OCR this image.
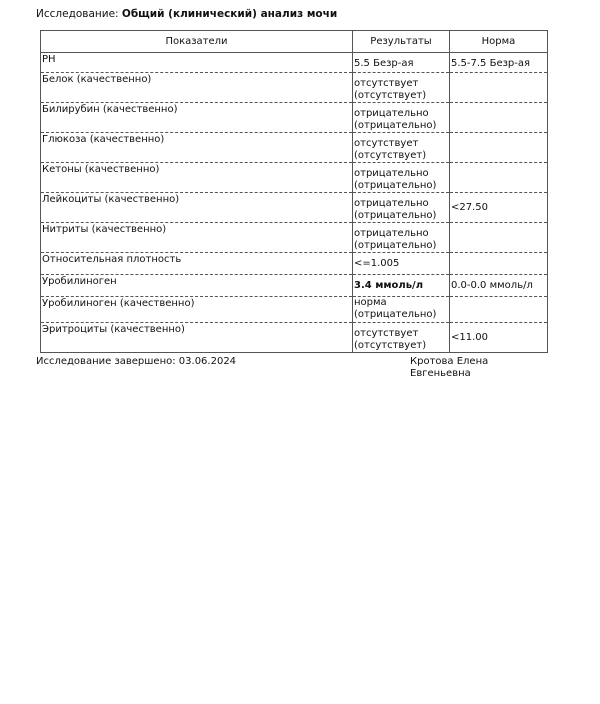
Исследование: Общий (клинический) анализ мочи
Показатели	Результаты	Норма
PH	5.5 Безр-ая	5.5-7.5 Безр-ая
Белок (качественно)	отсутствует
(отсутствует)	

Билирубин (качественно)	отрицательно
(отрицательно)	

Глюкоза (качественно)	отсутствует
(отсутствует)	

Кетоны (качественно)	отрицательно
(отрицательно)	

Лейкоциты (качественно)	отрицательно
(отрицательно)	<27.50
Нитриты (качественно)	отрицательно
(отрицательно)	

Относительная плотность	<=1.005	

Уробилиноген	3.4 ммоль/л	0.0-0.0 ммоль/л
Уробилиноген (качественно)	норма
(отрицательно)	

Эритроциты (качественно)	отсутствует
(отсутствует)	<11.00
Исследование завершено: 03.06.2024	Кротова Елена
Евгеньевна
